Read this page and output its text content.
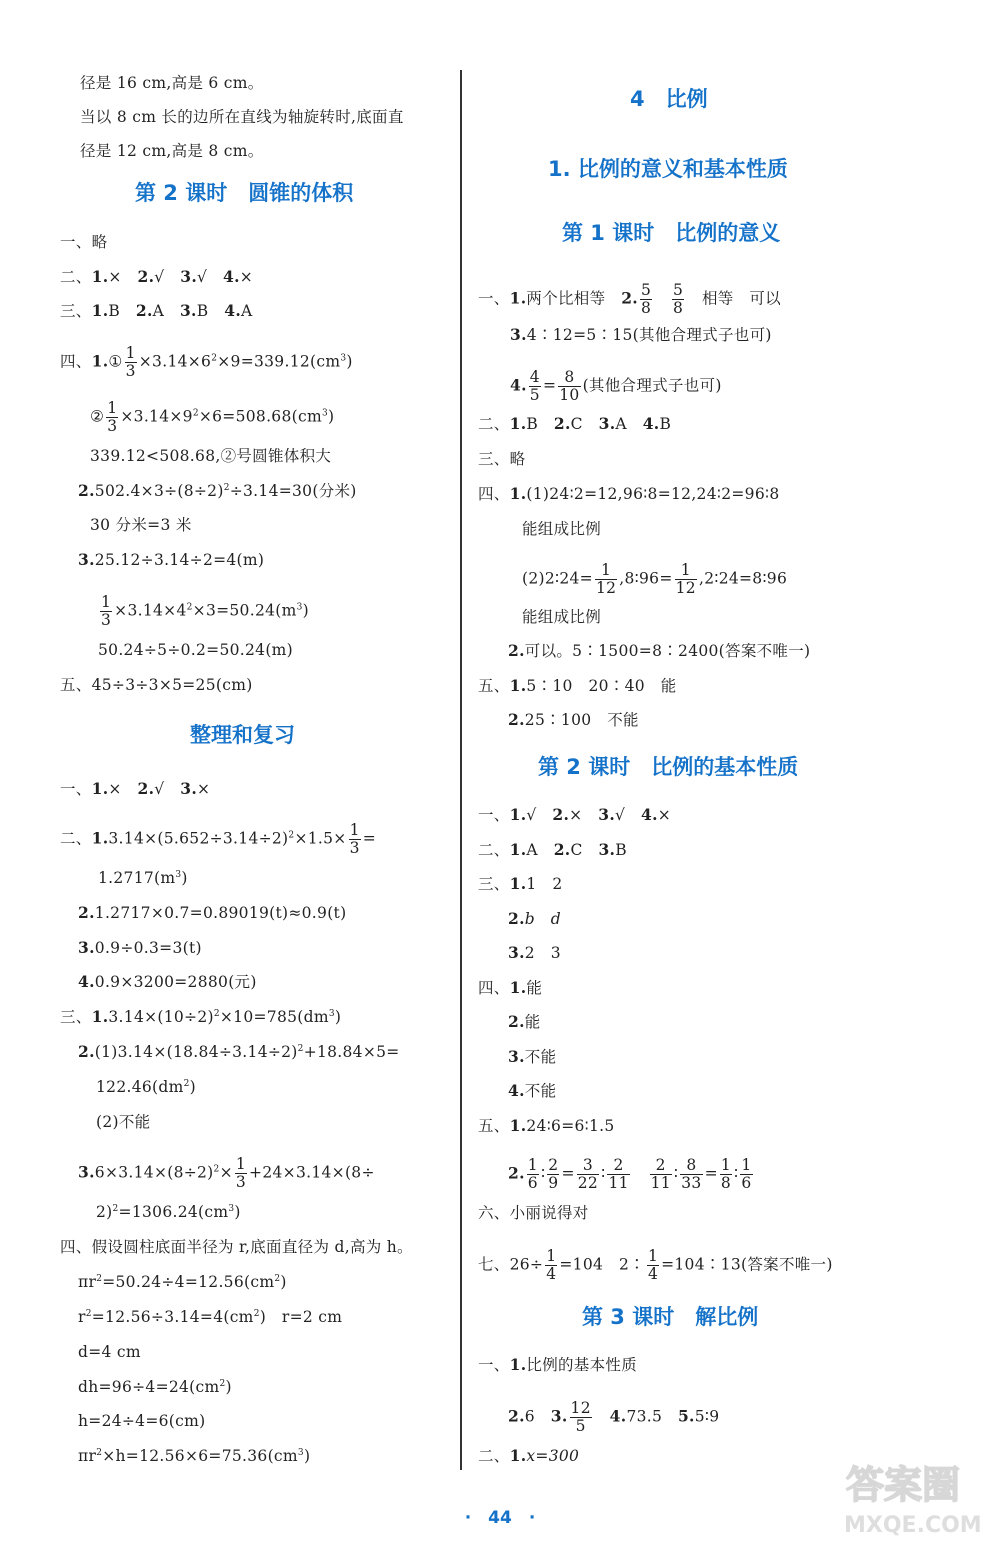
径是 16 cm,高是 6 cm。
当以 8 cm 长的边所在直线为轴旋转时,底面直
径是 12 cm,高是 8 cm。
第 2 课时　圆锥的体积
一、略
二、1.×　2.√　3.√　4.×
三、1.B　2.A　3.B　4.A
四、1.① $\frac{1}{3} \times 3.14\times 6^2\times 9=339.12(cm^3)$
② $\frac{1}{3} \times 3.14\times 9^2\times 6=508.68(cm^3)$
339.12<508.68,②号圆锥体积大
$2.502.4\times 3\div(8\div 2)^2\div 3.14=30$(分米)
30 分米=3 米
3.25.12÷3.14÷2=4(m)
$\frac{1}{3} \times 3.14\times 4^2\times 3=50.24(m^3)$
50.24÷5÷0.2=50.24(m)
五、45÷3÷3×5=25(cm)
整理和复习
一、1.×　2.√　3.×
二、$1.3.14\times(5.652\div 3.14\div 2)^2\times 1.5\times \frac{1}{3}$ =
$1.2717(m^3)$
2.1.2717×0.7=0.89019(t)≈0.9(t)
3.0.9÷0.3=3(t)
4.0.9×3200=2880(元)
三、$1.3.14\times(10\div 2)^2\times 10=785(dm^3)$
$2.(1)3.14\times(18.84\div 3.14\div 2)^2+18.84\times 5=$
$122.46(dm^2)$
(2)不能
$3.6\times 3.14\times(8\div 2)^2\times \frac{1}{3} +24\times 3.14\times(8\div$
$2)^2=1306.24(cm^3)$
四、假设圆柱底面半径为 r,底面直径为 d,高为 h。
$\pi r^2=50.24\div 4=12.56(cm^2)$
$r^2=12.56\div 3.14=4(cm^2)$　r=2 cm
d=4 cm
$dh=96\div 4=24(cm^2)$
h=24÷4=6(cm)
$\pi r^2\times h=12.56\times 6=75.36(cm^3)$
4　比例
1. 比例的意义和基本性质
第 1 课时　比例的意义
一、1.两个比相等　2. $\frac{5}{8}$
　 $\frac{5}{8}$ 　相等　可以
3.4∶12=5∶15(其他合理式子也可)
4. $\frac{4}{5} = \frac{8}{10}$ (其他合理式子也可)
二、1.B　2.C　3.A　4.B
三、略
四、1.(1)24∶2=12,96∶8=12,24∶2=96∶8
能组成比例
(2)2∶24= $\frac{1}{12}$ ,8∶96= $\frac{1}{12}$ ,2∶24=8∶96
能组成比例
2.可以。5∶1500=8∶2400(答案不唯一)
五、1.5∶10　20∶40　能
2.25∶100　不能
第 2 课时　比例的基本性质
一、1.√　2.×　3.√　4.×
二、1.A　2.C　3.B
三、1.1　2
2.b　d
3.2　3
四、1.能
2.能
3.不能
4.不能
五、1.24∶6=6∶1.5
2. $\frac{1}{6}$ ∶ $\frac{2}{9} = \frac{3}{22}$ ∶ $\frac{2}{11}$
　 $\frac{2}{11}$ ∶ $\frac{8}{33} = \frac{1}{8}$ ∶ $\frac{1}{6}$
六、小丽说得对
七、$26\div \frac{1}{4} =104$　2∶ $\frac{1}{4}$ =104∶13(答案不唯一)
第 3 课时　解比例
一、1.比例的基本性质
2.6　3. $\frac{12}{5}$
　 4.73.5　5.5∶9
二、1.x=300
·　44　·
答案圈
MXQE.COM
